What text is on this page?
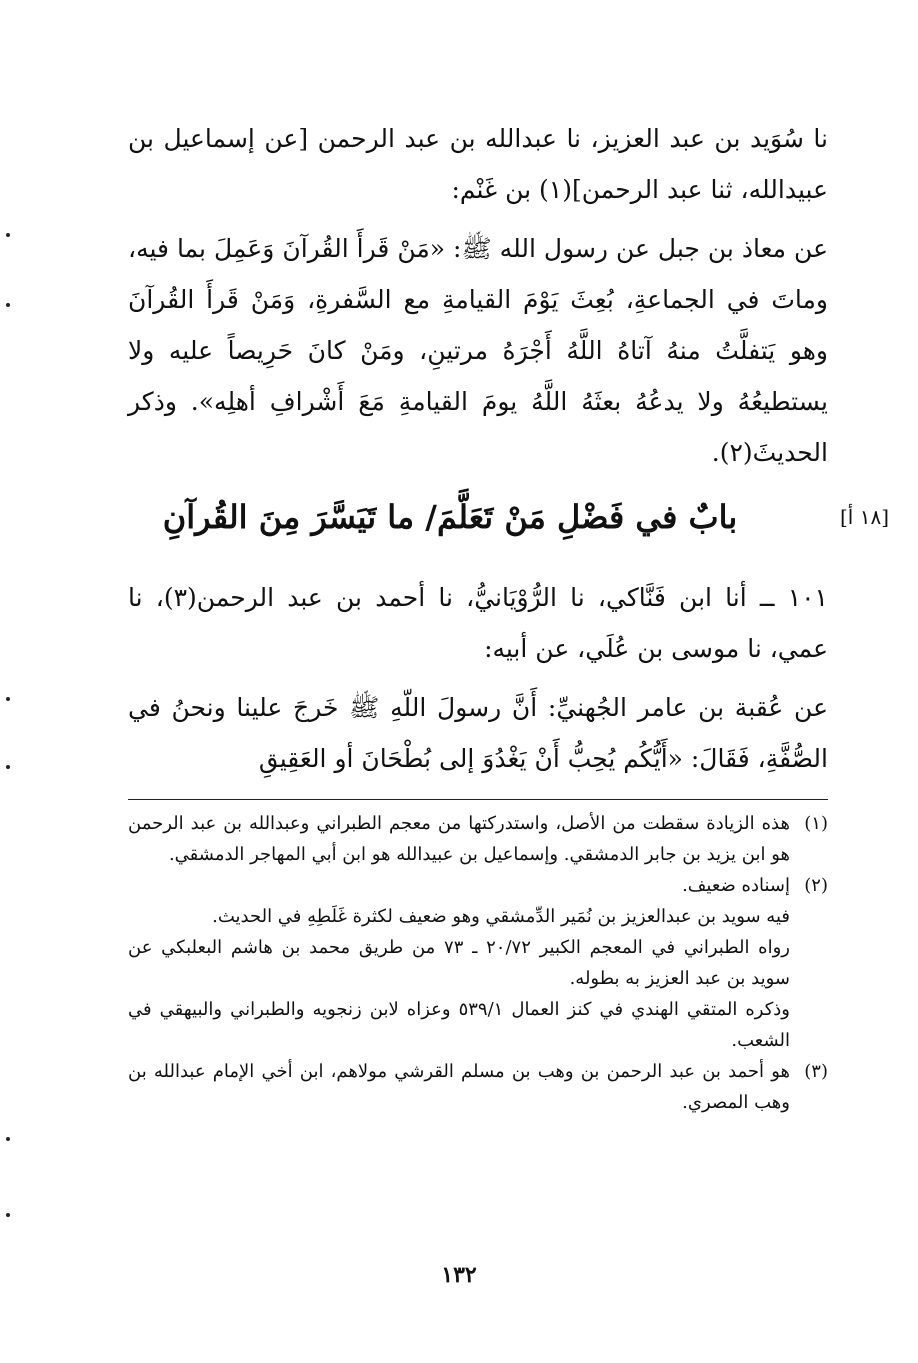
نا سُوَيد بن عبد العزيز، نا عبدالله بن عبد الرحمن [عن إسماعيل بن عبيدالله، ثنا عبد الرحمن](١) بن غَنْم:

عن معاذ بن جبل عن رسول الله ﷺ: «مَنْ قَرأَ القُرآنَ وَعَمِلَ بما فيه، وماتَ في الجماعةِ، بُعِثَ يَوْمَ القيامةِ مع السَّفرةِ، وَمَنْ قَرأَ القُرآنَ وهو يَتفلَّتُ منهُ آتاهُ اللَّهُ أَجْرَهُ مرتينِ، ومَنْ كانَ حَرِيصاً عليه ولا يستطيعُهُ ولا يدعُهُ بعثَهُ اللَّهُ يومَ القيامةِ مَعَ أَشْرافِ أهلِه». وذكر الحديثَ(٢).

[١٨ أ]
بابٌ في فَضْلِ مَنْ تَعَلَّمَ/ ما تَيَسَّرَ مِنَ القُرآنِ

١٠١ ــ أنا ابن فَنَّاكي، نا الرُّوْيَانيُّ، نا أحمد بن عبد الرحمن(٣)، نا عمي، نا موسى بن عُلَي، عن أبيه:

عن عُقبة بن عامر الجُهنيِّ: أَنَّ رسولَ اللّهِ ﷺ خَرجَ علينا ونحنُ في الصُّفَّةِ، فَقَالَ: «أَيُّكُم يُحِبُّ أَنْ يَغْدُوَ إلى بُطْحَانَ أو العَقِيقِ

(١)
هذه الزيادة سقطت من الأصل، واستدركتها من معجم الطبراني وعبدالله بن عبد الرحمن هو ابن يزيد بن جابر الدمشقي. وإسماعيل بن عبيدالله هو ابن أبي المهاجر الدمشقي.
(٢)
إسناده ضعيف.

فيه سويد بن عبدالعزيز بن نُمَير الدِّمشقي وهو ضعيف لكثرة غَلَطِهِ في الحديث.

رواه الطبراني في المعجم الكبير ٢٠/٧٢ ـ ٧٣ من طريق محمد بن هاشم البعلبكي عن سويد بن عبد العزيز به بطوله.

وذكره المتقي الهندي في كنز العمال ٥٣٩/١ وعزاه لابن زنجويه والطبراني والبيهقي في الشعب.

(٣)
هو أحمد بن عبد الرحمن بن وهب بن مسلم القرشي مولاهم، ابن أخي الإمام عبدالله بن وهب المصري.
١٣٢
